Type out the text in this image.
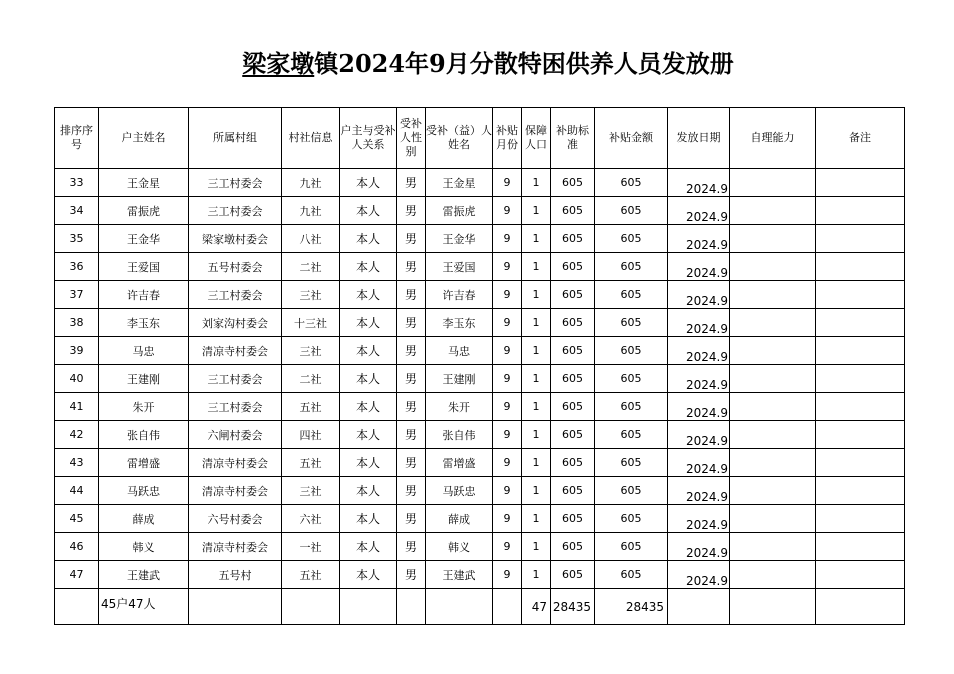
梁家墩镇2024年9月分散特困供养人员发放册
排序序号	户主姓名	所属村组	村社信息	户主与受补人关系	受补人性别	受补（益）人姓名	补贴月份	保障人口	补助标准	补贴金额	发放日期	自理能力	备注
33	王金星	三工村委会	九社	本人	男	王金星	9	1	605	605	2024.9		
34	雷振虎	三工村委会	九社	本人	男	雷振虎	9	1	605	605	2024.9		
35	王金华	梁家墩村委会	八社	本人	男	王金华	9	1	605	605	2024.9		
36	王爱国	五号村委会	二社	本人	男	王爱国	9	1	605	605	2024.9		
37	许吉春	三工村委会	三社	本人	男	许吉春	9	1	605	605	2024.9		
38	李玉东	刘家沟村委会	十三社	本人	男	李玉东	9	1	605	605	2024.9		
39	马忠	清凉寺村委会	三社	本人	男	马忠	9	1	605	605	2024.9		
40	王建刚	三工村委会	二社	本人	男	王建刚	9	1	605	605	2024.9		
41	朱开	三工村委会	五社	本人	男	朱开	9	1	605	605	2024.9		
42	张自伟	六闸村委会	四社	本人	男	张自伟	9	1	605	605	2024.9		
43	雷增盛	清凉寺村委会	五社	本人	男	雷增盛	9	1	605	605	2024.9		
44	马跃忠	清凉寺村委会	三社	本人	男	马跃忠	9	1	605	605	2024.9		
45	薛成	六号村委会	六社	本人	男	薛成	9	1	605	605	2024.9		
46	韩义	清凉寺村委会	一社	本人	男	韩义	9	1	605	605	2024.9		
47	王建武	五号村	五社	本人	男	王建武	9	1	605	605	2024.9		
	45户47人							47	28435	28435			
